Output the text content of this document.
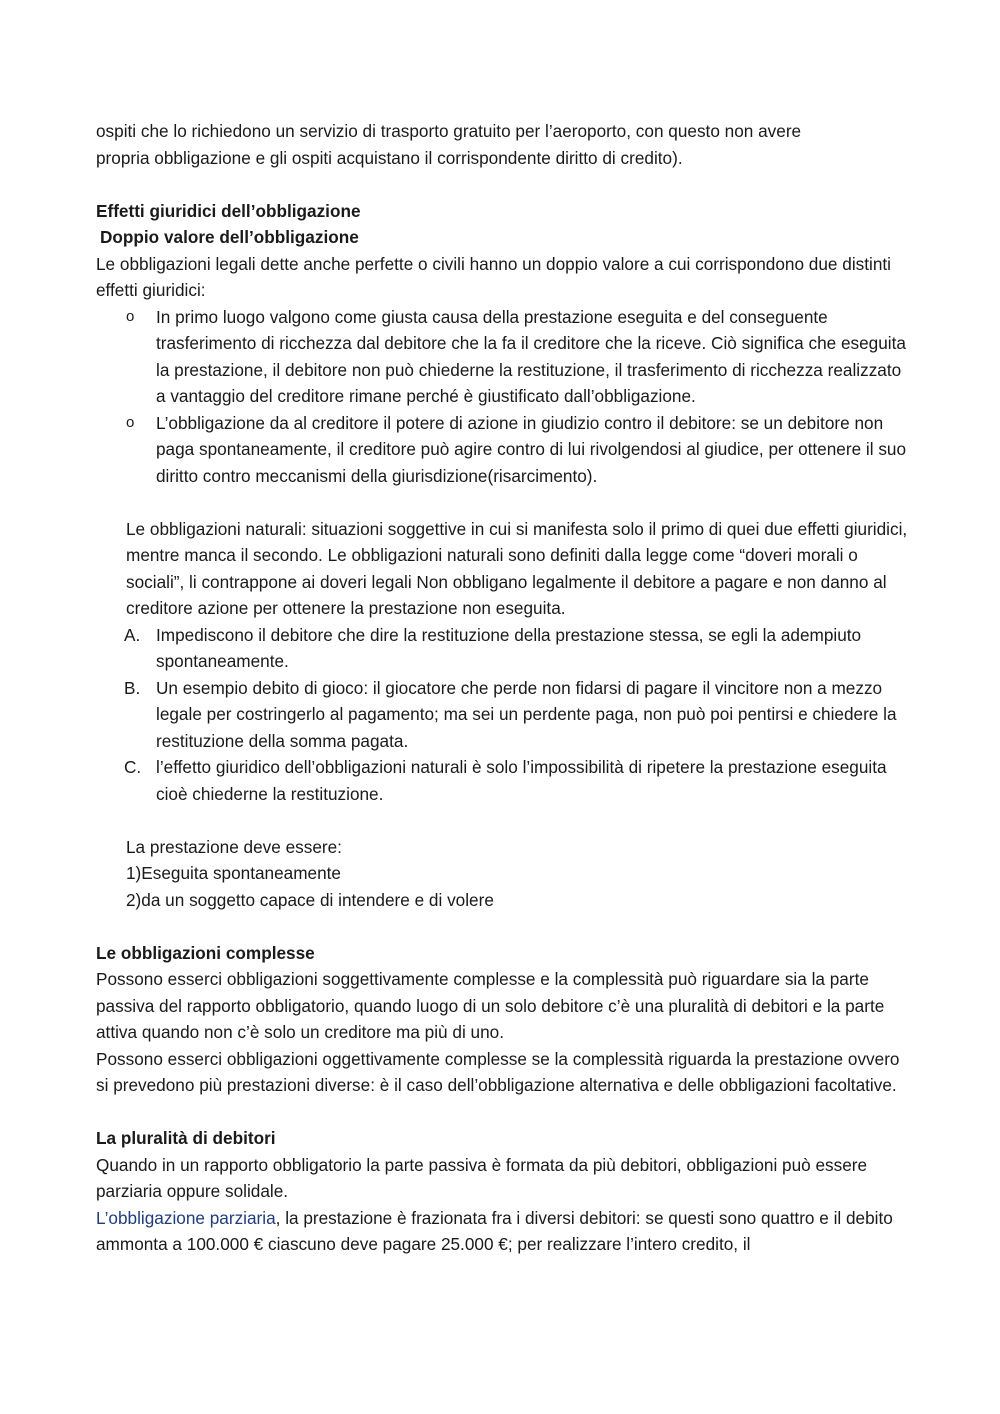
ospiti che lo richiedono un servizio di trasporto gratuito per l’aeroporto, con questo non avere
propria obbligazione e gli ospiti acquistano il corrispondente diritto di credito).

Effetti giuridici dell’obbligazione

Doppio valore dell’obbligazione

Le obbligazioni legali dette anche perfette o civili hanno un doppio valore a cui corrispondono due distinti effetti giuridici:

o In primo luogo valgono come giusta causa della prestazione eseguita e del conseguente trasferimento di ricchezza dal debitore che la fa il creditore che la riceve. Ciò significa che eseguita la prestazione, il debitore non può chiederne la restituzione, il trasferimento di ricchezza realizzato a vantaggio del creditore rimane perché è giustificato dall’obbligazione.
o L’obbligazione da al creditore il potere di azione in giudizio contro il debitore: se un debitore non paga spontaneamente, il creditore può agire contro di lui rivolgendosi al giudice, per ottenere il suo diritto contro meccanismi della giurisdizione(risarcimento).

Le obbligazioni naturali: situazioni soggettive in cui si manifesta solo il primo di quei due effetti giuridici, mentre manca il secondo. Le obbligazioni naturali sono definiti dalla legge come “doveri morali o sociali”, li contrappone ai doveri legali Non obbligano legalmente il debitore a pagare e non danno al creditore azione per ottenere la prestazione non eseguita.

A. Impediscono il debitore che dire la restituzione della prestazione stessa, se egli la adempiuto spontaneamente.
B. Un esempio debito di gioco: il giocatore che perde non fidarsi di pagare il vincitore non a mezzo legale per costringerlo al pagamento; ma sei un perdente paga, non può poi pentirsi e chiedere la restituzione della somma pagata.
C. l’effetto giuridico dell’obbligazioni naturali è solo l’impossibilità di ripetere la prestazione eseguita cioè chiederne la restituzione.

La prestazione deve essere:

1)Eseguita spontaneamente

2)da un soggetto capace di intendere e di volere

Le obbligazioni complesse

Possono esserci obbligazioni soggettivamente complesse e la complessità può riguardare sia la parte passiva del rapporto obbligatorio, quando luogo di un solo debitore c’è una pluralità di debitori e la parte attiva quando non c’è solo un creditore ma più di uno.

Possono esserci obbligazioni oggettivamente complesse se la complessità riguarda la prestazione ovvero si prevedono più prestazioni diverse: è il caso dell’obbligazione alternativa e delle obbligazioni facoltative.

La pluralità di debitori

Quando in un rapporto obbligatorio la parte passiva è formata da più debitori, obbligazioni può essere parziaria oppure solidale.

L’obbligazione parziaria, la prestazione è frazionata fra i diversi debitori: se questi sono quattro e il debito ammonta a 100.000 € ciascuno deve pagare 25.000 €; per realizzare l’intero credito, il
